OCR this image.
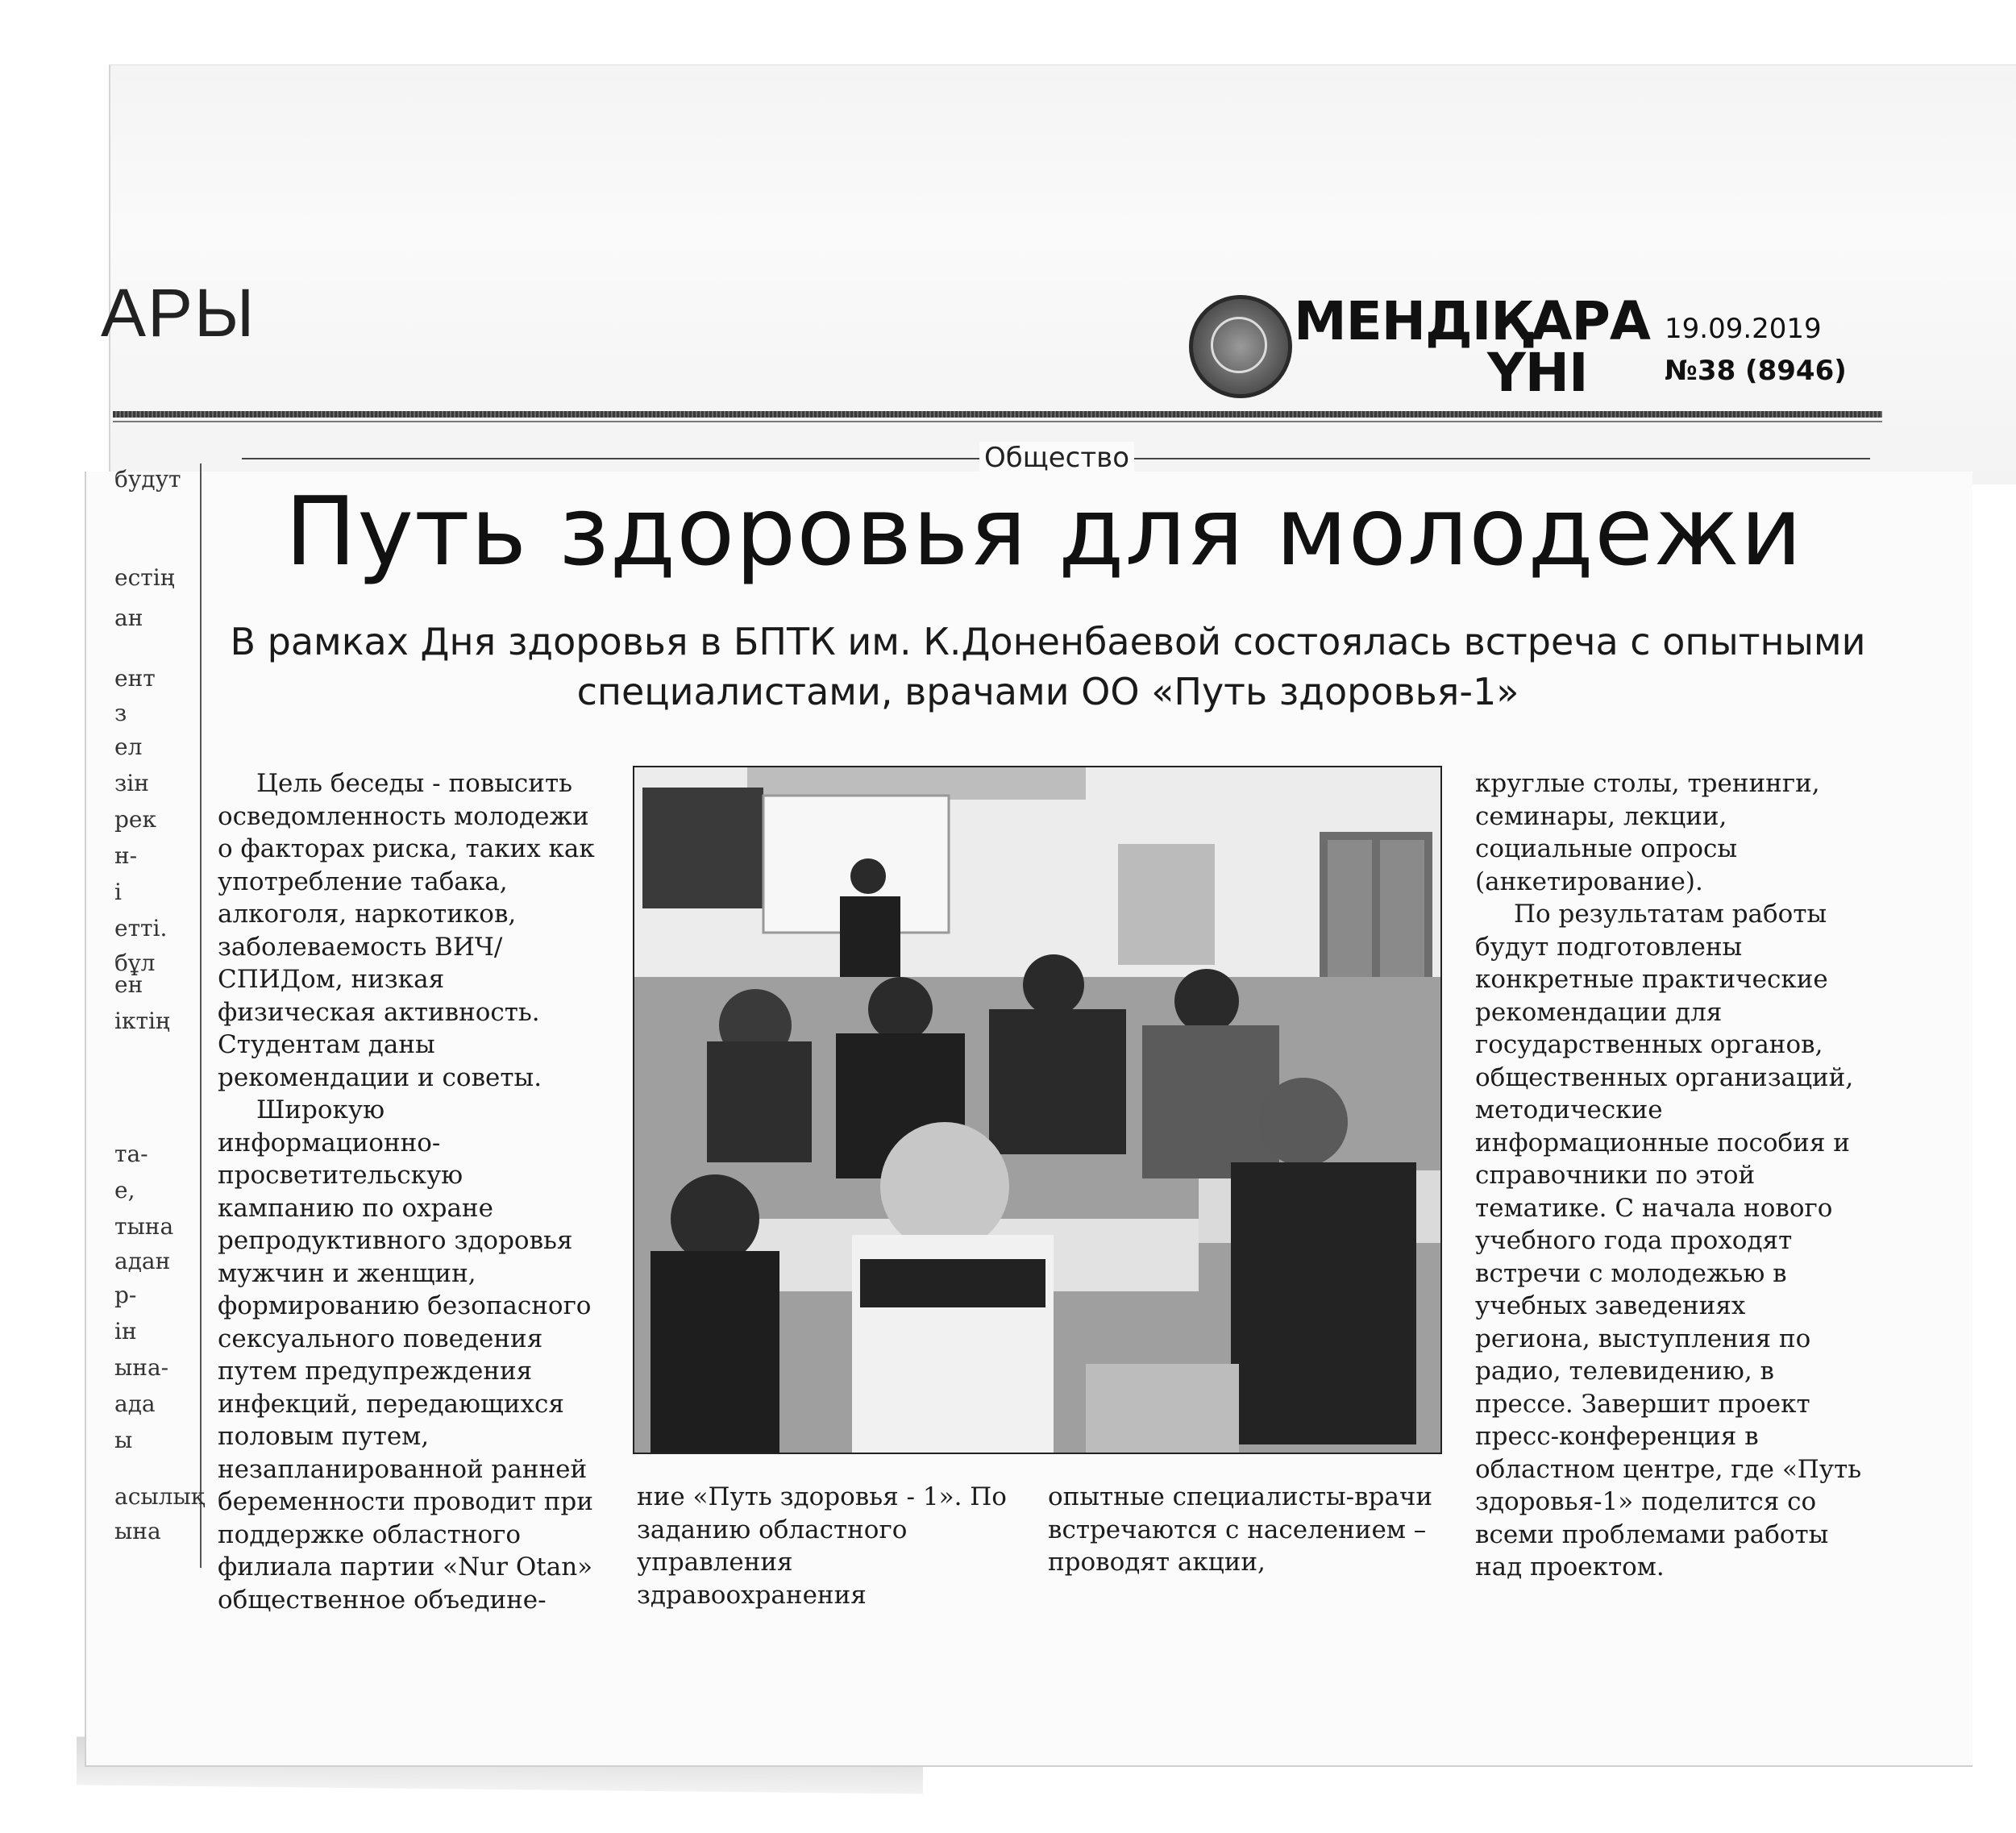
АРЫ	МЕНДІҚАРА
ҮНІ
19.09.2019
№38 (8946)
Общество
Путь здоровья для молодежи
В рамках Дня здоровья в БПТК им. К.Доненбаевой состоялась встреча с опытными специалистами, врачами ОО «Путь здоровья-1»

Цель беседы - повысить осведомленность молодежи о факторах риска, таких как употребление табака, алкоголя, наркотиков, заболеваемость ВИЧ/СПИДом, низкая физическая активность. Студентам даны рекомендации и советы.

Широкую информационно-просветительскую кампанию по охране репродуктивного здоровья мужчин и женщин, формированию безопасного сексуального поведения путем предупреждения инфекций, передающихся половым путем, незапланированной ранней беременности проводит при поддержке областного филиала партии «Nur Otan» общественное объедине-

ние «Путь здоровья - 1». По заданию областного управления здравоохранения
опытные специалисты-врачи встречаются с населением – проводят акции,

круглые столы, тренинги, семинары, лекции, социальные опросы (анкетирование).

По результатам работы будут подготовлены конкретные практические рекомендации для государственных органов, общественных организаций, методические информационные пособия и справочники по этой тематике. С начала нового учебного года проходят встречи с молодежью в учебных заведениях региона, выступления по радио, телевидению, в прессе. Завершит проект пресс-конференция в областном центре, где «Путь здоровья-1» поделится со всеми проблемами работы над проектом.

будут
естің
ан
ент
з
ел
зін
рек
н-
і
етті.
бұл
ен
іктің
та-
е,
тына
адан
р-
ін
ына-
ада
ы
асылық
ына
